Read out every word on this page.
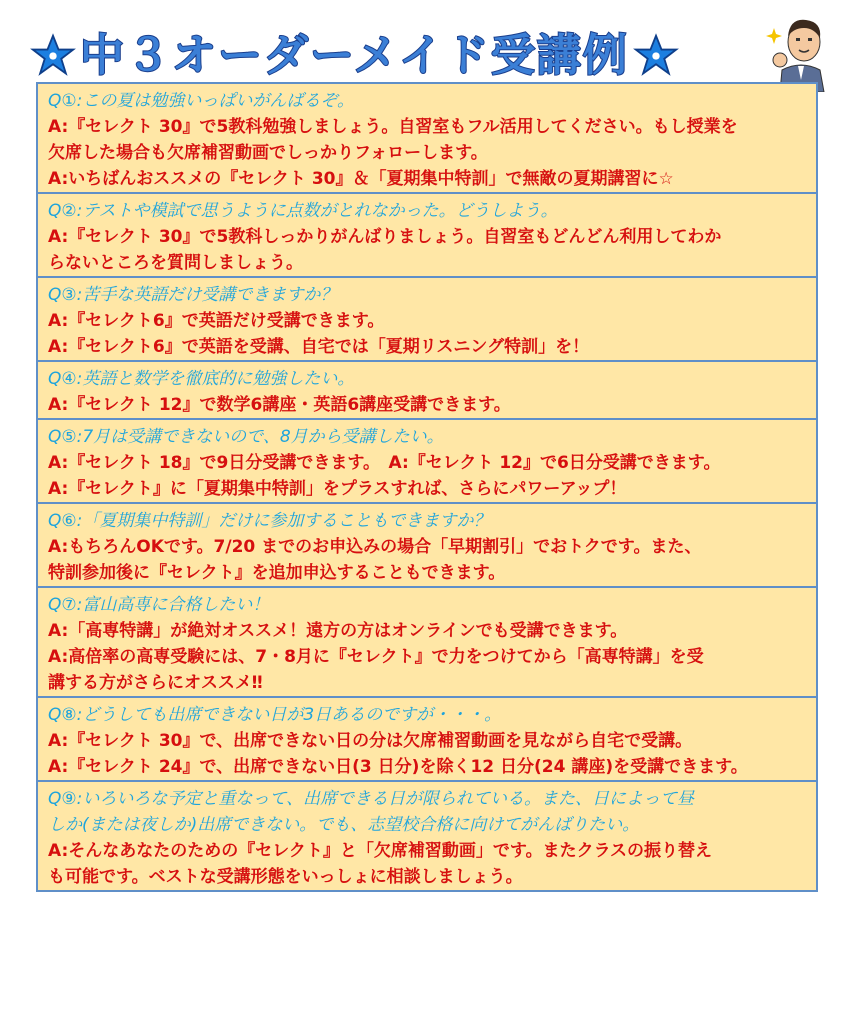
中３オーダーメイド受講例
Q①:この夏は勉強いっぱいがんばるぞ。
A:『セレクト 30』で5教科勉強しましょう。自習室もフル活用してください。もし授業を
欠席した場合も欠席補習動画でしっかりフォローします。
A:いちばんおススメの『セレクト 30』＆「夏期集中特訓」で無敵の夏期講習に☆
Q②:テストや模試で思うように点数がとれなかった。どうしよう。
A:『セレクト 30』で5教科しっかりがんばりましょう。自習室もどんどん利用してわか
らないところを質問しましょう。
Q③:苦手な英語だけ受講できますか？
A:『セレクト6』で英語だけ受講できます。
A:『セレクト6』で英語を受講、自宅では「夏期リスニング特訓」を！
Q④:英語と数学を徹底的に勉強したい。
A:『セレクト 12』で数学6講座・英語6講座受講できます。
Q⑤:7月は受講できないので、8月から受講したい。
A:『セレクト 18』で9日分受講できます。　A:『セレクト 12』で6日分受講できます。
A:『セレクト』に「夏期集中特訓」をプラスすれば、さらにパワーアップ！
Q⑥:「夏期集中特訓」だけに参加することもできますか？
A:もちろんOKです。7/20 までのお申込みの場合「早期割引」でおトクです。また、
特訓参加後に『セレクト』を追加申込することもできます。
Q⑦:富山高専に合格したい！
A:「高専特講」が絶対オススメ！遠方の方はオンラインでも受講できます。
A:高倍率の高専受験には、7・8月に『セレクト』で力をつけてから「高専特講」を受
講する方がさらにオススメ‼
Q⑧:どうしても出席できない日が3日あるのですが・・・。
A:『セレクト 30』で、出席できない日の分は欠席補習動画を見ながら自宅で受講。
A:『セレクト 24』で、出席できない日(3 日分)を除く12 日分(24 講座)を受講できます。
Q⑨:いろいろな予定と重なって、出席できる日が限られている。また、日によって昼
しか(または夜しか)出席できない。でも、志望校合格に向けてがんばりたい。
A:そんなあなたのための『セレクト』と「欠席補習動画」です。またクラスの振り替え
も可能です。ベストな受講形態をいっしょに相談しましょう。
